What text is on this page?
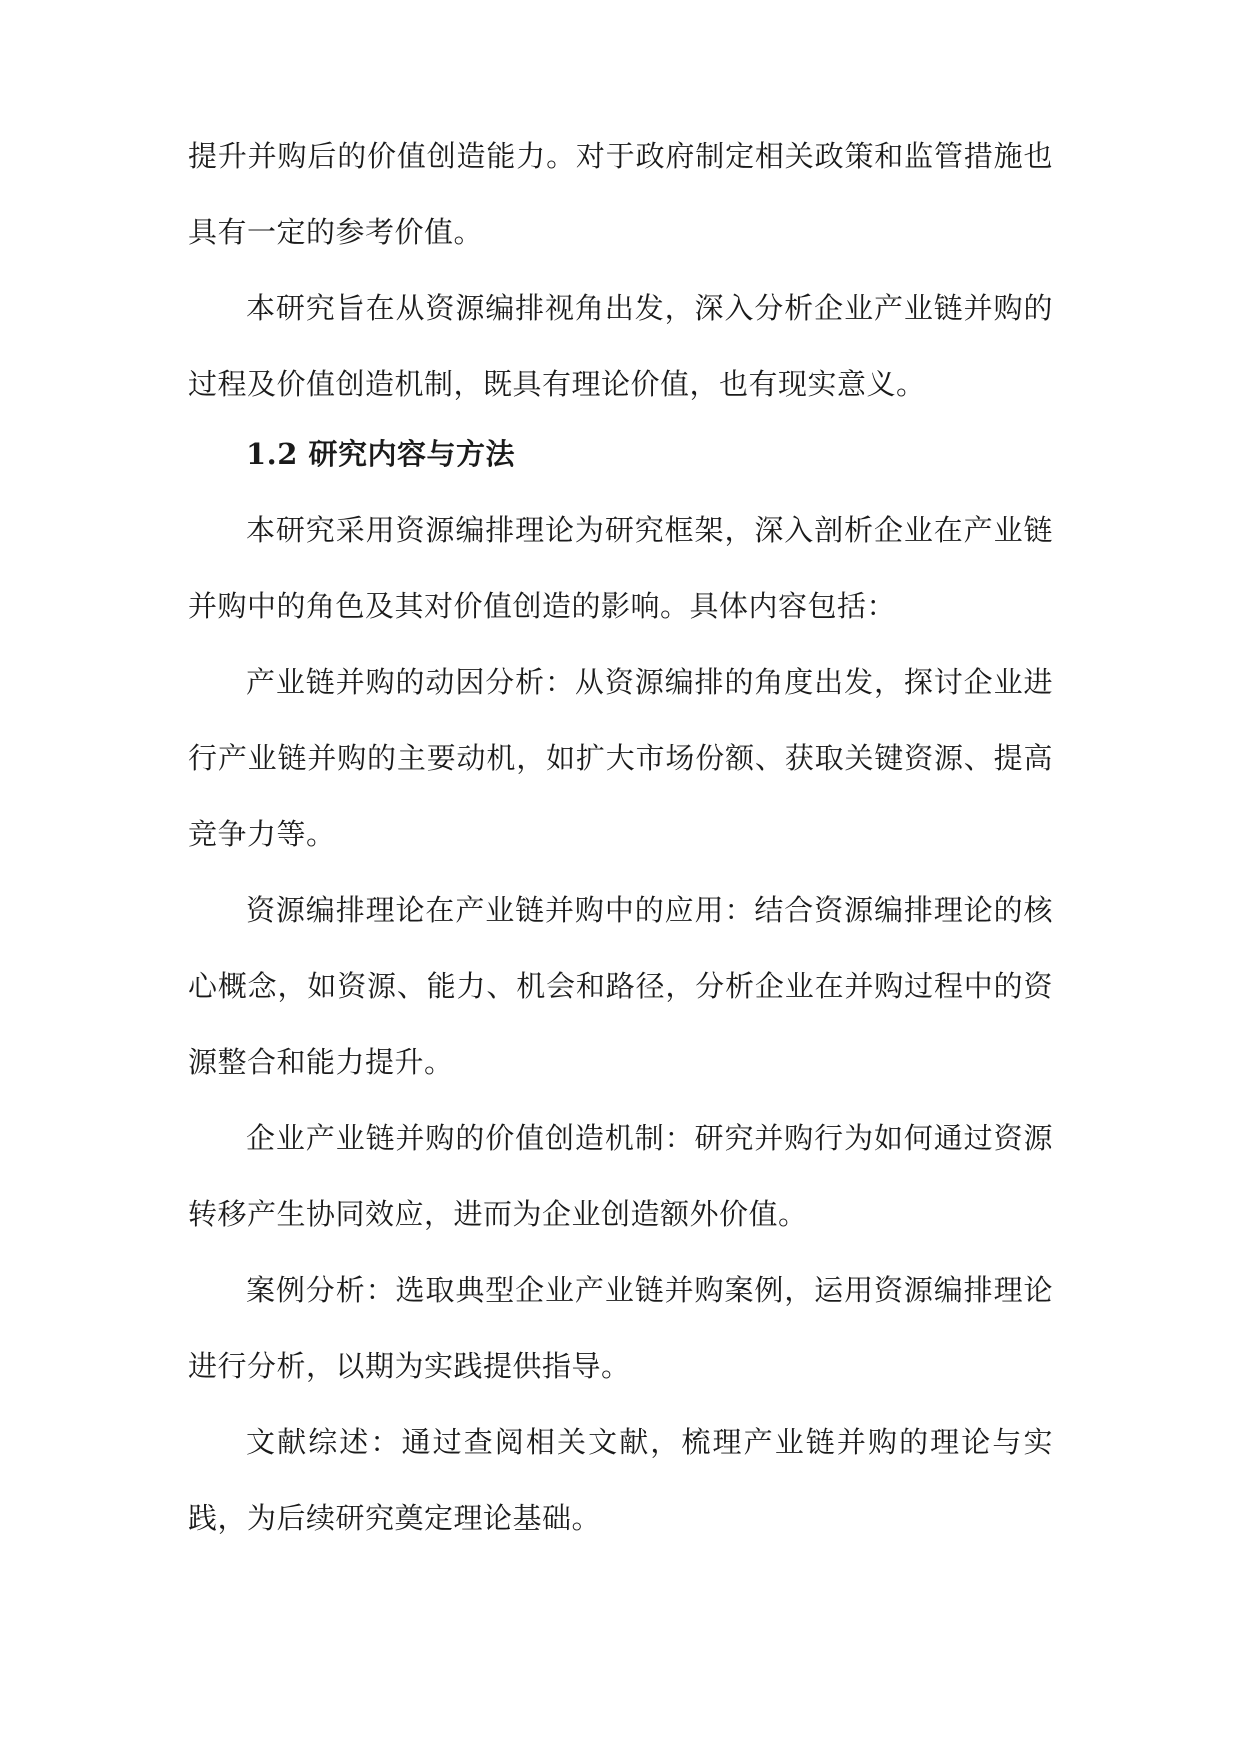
提升并购后的价值创造能力。对于政府制定相关政策和监管措施也具有一定的参考价值。

本研究旨在从资源编排视角出发，深入分析企业产业链并购的过程及价值创造机制，既具有理论价值，也有现实意义。

1.2 研究内容与方法

本研究采用资源编排理论为研究框架，深入剖析企业在产业链并购中的角色及其对价值创造的影响。具体内容包括：

产业链并购的动因分析：从资源编排的角度出发，探讨企业进行产业链并购的主要动机，如扩大市场份额、获取关键资源、提高竞争力等。

资源编排理论在产业链并购中的应用：结合资源编排理论的核心概念，如资源、能力、机会和路径，分析企业在并购过程中的资源整合和能力提升。

企业产业链并购的价值创造机制：研究并购行为如何通过资源转移产生协同效应，进而为企业创造额外价值。

案例分析：选取典型企业产业链并购案例，运用资源编排理论进行分析，以期为实践提供指导。

文献综述：通过查阅相关文献，梳理产业链并购的理论与实践，为后续研究奠定理论基础。
